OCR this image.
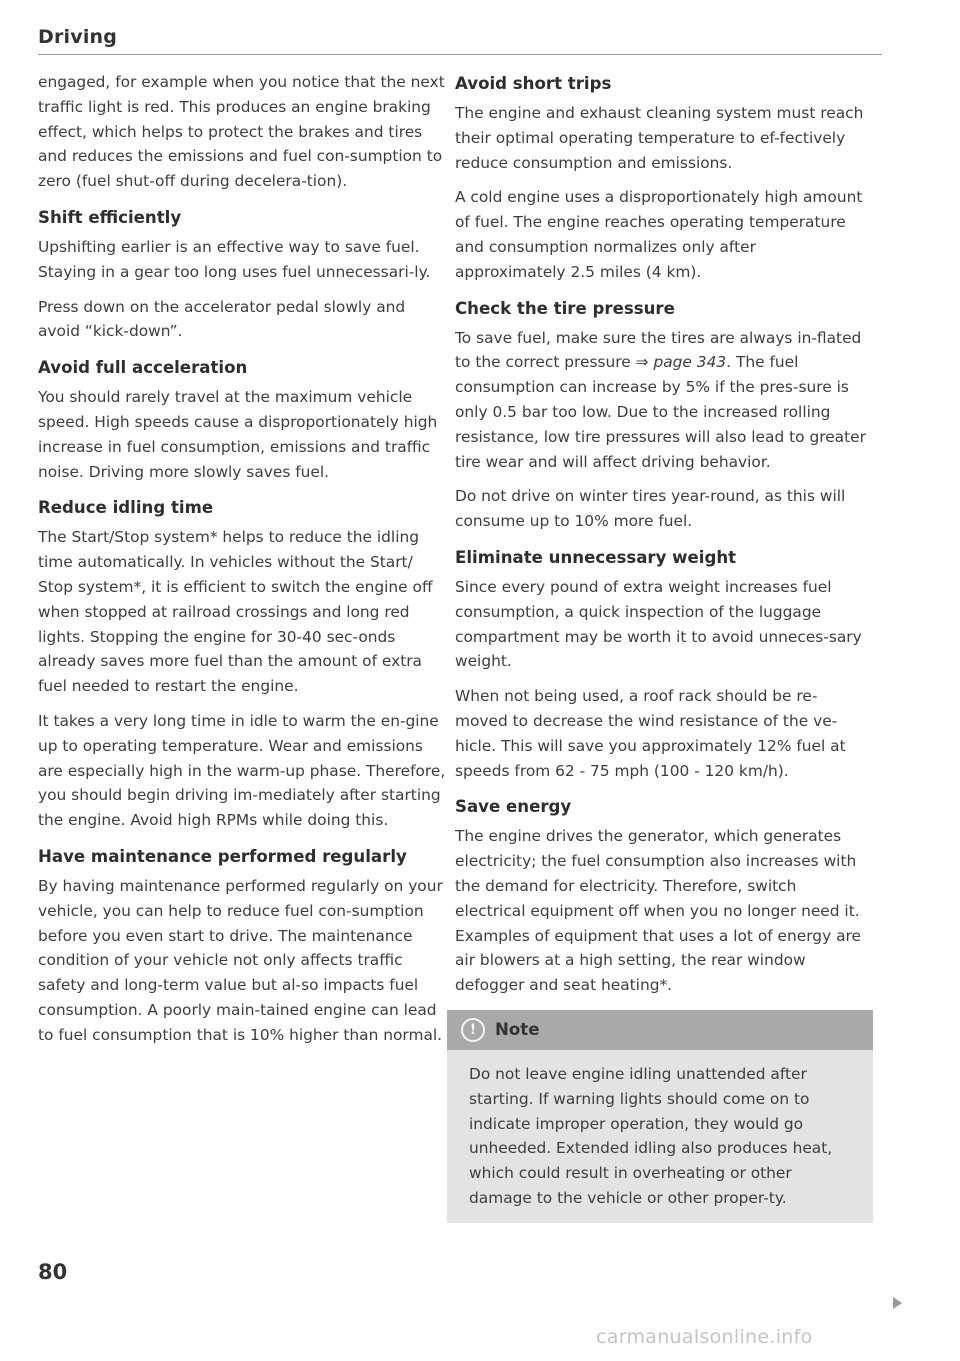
Driving

engaged, for example when you notice that the next traffic light is red. This produces an engine braking effect, which helps to protect the brakes and tires and reduces the emissions and fuel con-sumption to zero (fuel shut-off during decelera-tion).

Shift efficiently

Upshifting earlier is an effective way to save fuel. Staying in a gear too long uses fuel unnecessari-ly.

Press down on the accelerator pedal slowly and avoid “kick-down”.

Avoid full acceleration

You should rarely travel at the maximum vehicle speed. High speeds cause a disproportionately high increase in fuel consumption, emissions and traffic noise. Driving more slowly saves fuel.

Reduce idling time

The Start/Stop system* helps to reduce the idling time automatically. In vehicles without the Start/ Stop system*, it is efficient to switch the engine off when stopped at railroad crossings and long red lights. Stopping the engine for 30-40 sec-onds already saves more fuel than the amount of extra fuel needed to restart the engine.

It takes a very long time in idle to warm the en-gine up to operating temperature. Wear and emissions are especially high in the warm-up phase. Therefore, you should begin driving im-mediately after starting the engine. Avoid high RPMs while doing this.

Have maintenance performed regularly

By having maintenance performed regularly on your vehicle, you can help to reduce fuel con-sumption before you even start to drive. The maintenance condition of your vehicle not only affects traffic safety and long-term value but al-so impacts fuel consumption. A poorly main-tained engine can lead to fuel consumption that is 10% higher than normal.

Avoid short trips

The engine and exhaust cleaning system must reach their optimal operating temperature to ef-fectively reduce consumption and emissions.

A cold engine uses a disproportionately high amount of fuel. The engine reaches operating temperature and consumption normalizes only after approximately 2.5 miles (4 km).

Check the tire pressure

To save fuel, make sure the tires are always in-flated to the correct pressure ⇒ page 343. The fuel consumption can increase by 5% if the pres-sure is only 0.5 bar too low. Due to the increased rolling resistance, low tire pressures will also lead to greater tire wear and will affect driving behavior.

Do not drive on winter tires year-round, as this will consume up to 10% more fuel.

Eliminate unnecessary weight

Since every pound of extra weight increases fuel consumption, a quick inspection of the luggage compartment may be worth it to avoid unneces-sary weight.

When not being used, a roof rack should be re-moved to decrease the wind resistance of the ve-hicle. This will save you approximately 12% fuel at speeds from 62 - 75 mph (100 - 120 km/h).

Save energy

The engine drives the generator, which generates electricity; the fuel consumption also increases with the demand for electricity. Therefore, switch electrical equipment off when you no longer need it. Examples of equipment that uses a lot of energy are air blowers at a high setting, the rear window defogger and seat heating*.

!	Note

Do not leave engine idling unattended after starting. If warning lights should come on to indicate improper operation, they would go unheeded. Extended idling also produces heat, which could result in overheating or other damage to the vehicle or other proper-ty.

80
carmanualsonline.info
